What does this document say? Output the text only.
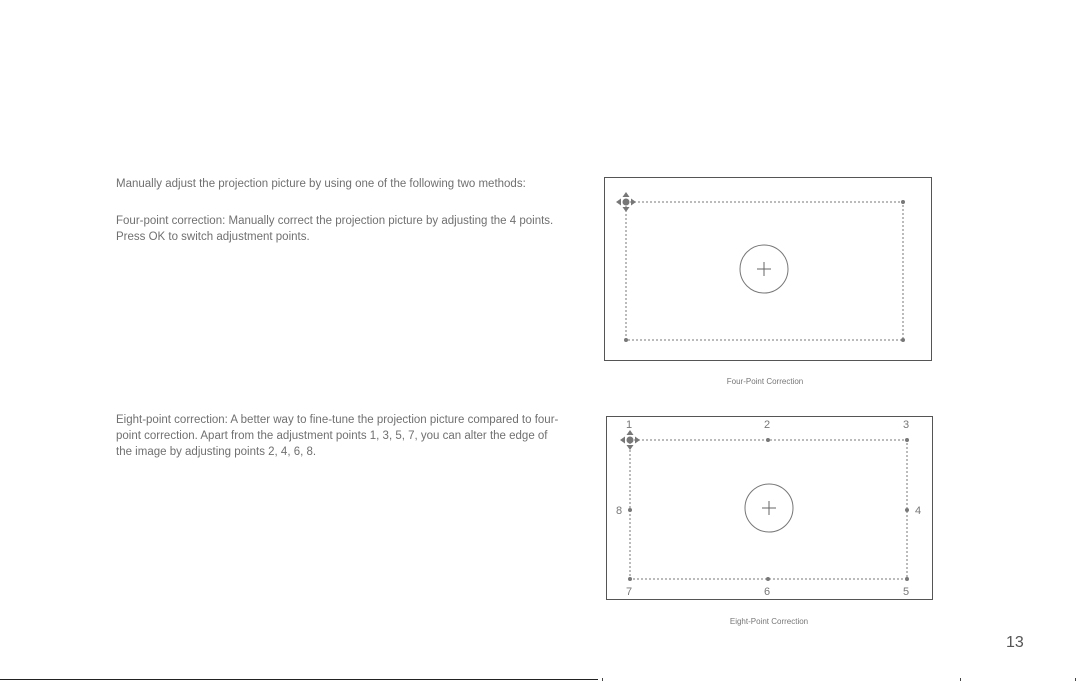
Manually adjust the projection picture by using one of the following two methods:
Four-point correction: Manually correct the projection picture by adjusting the 4 points. Press OK to switch adjustment points.
Eight-point correction: A better way to fine-tune the projection picture compared to four-point correction. Apart from the adjustment points 1, 3, 5, 7, you can alter the edge of the image by adjusting points 2, 4, 6, 8.
Four-Point Correction
1	2	3
4
5
6
7
8
Eight-Point Correction
13
